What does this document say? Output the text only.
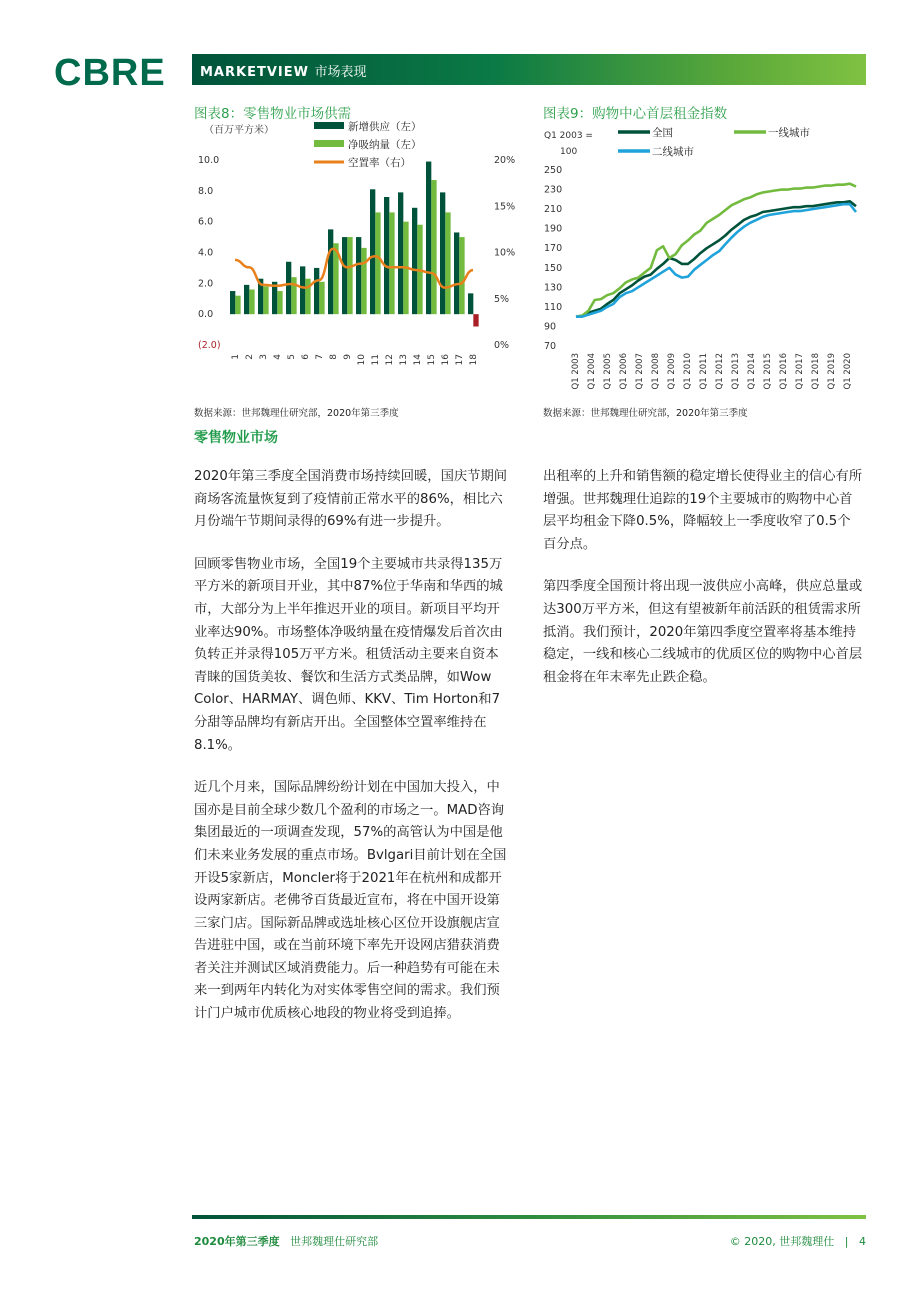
CBRE	MARKETVIEW 市场表现
图表8：零售物业市场供需
（百万平方米）	新增供应（左）
净吸纳量（左）
空置率（右）
10.0
8.0
6.0
4.0
2.0
0.0
(2.0)
20%
15%
10%
5%
0%
1 2 3 4 5 6 7 8 9 10 11 12 13 14 15 16 17 18
数据来源：世邦魏理仕研究部，2020年第三季度
图表9：购物中心首层租金指数
Q1 2003 =
100
全国	一线城市
二线城市
250
230
210
190
170
150
130
110
90
70
Q1 2003 Q1 2004 Q1 2005 Q1 2006 Q1 2007 Q1 2008 Q1 2009 Q1 2010 Q1 2011 Q1 2012 Q1 2013 Q1 2014 Q1 2015 Q1 2016 Q1 2017 Q1 2018 Q1 2019 Q1 2020
数据来源：世邦魏理仕研究部，2020年第三季度
零售物业市场

2020年第三季度全国消费市场持续回暖，国庆节期间商场客流量恢复到了疫情前正常水平的86%，相比六月份端午节期间录得的69%有进一步提升。

回顾零售物业市场，全国19个主要城市共录得135万平方米的新项目开业，其中87%位于华南和华西的城市，大部分为上半年推迟开业的项目。新项目平均开业率达90%。市场整体净吸纳量在疫情爆发后首次由负转正并录得105万平方米。租赁活动主要来自资本青睐的国货美妆、餐饮和生活方式类品牌，如Wow Color、HARMAY、调色师、KKV、Tim Horton和7分甜等品牌均有新店开出。全国整体空置率维持在8.1%。

近几个月来，国际品牌纷纷计划在中国加大投入，中国亦是目前全球少数几个盈利的市场之一。MAD咨询集团最近的一项调查发现，57%的高管认为中国是他们未来业务发展的重点市场。Bvlgari目前计划在全国开设5家新店，Moncler将于2021年在杭州和成都开设两家新店。老佛爷百货最近宣布，将在中国开设第三家门店。国际新品牌或选址核心区位开设旗舰店宣告进驻中国，或在当前环境下率先开设网店猎获消费者关注并测试区域消费能力。后一种趋势有可能在未来一到两年内转化为对实体零售空间的需求。我们预计门户城市优质核心地段的物业将受到追捧。

出租率的上升和销售额的稳定增长使得业主的信心有所增强。世邦魏理仕追踪的19个主要城市的购物中心首层平均租金下降0.5%，降幅较上一季度收窄了0.5个百分点。

第四季度全国预计将出现一波供应小高峰，供应总量或达300万平方米，但这有望被新年前活跃的租赁需求所抵消。我们预计，2020年第四季度空置率将基本维持稳定，一线和核心二线城市的优质区位的购物中心首层租金将在年末率先止跌企稳。

2020年第三季度 世邦魏理仕研究部	© 2020, 世邦魏理仕 | 4
